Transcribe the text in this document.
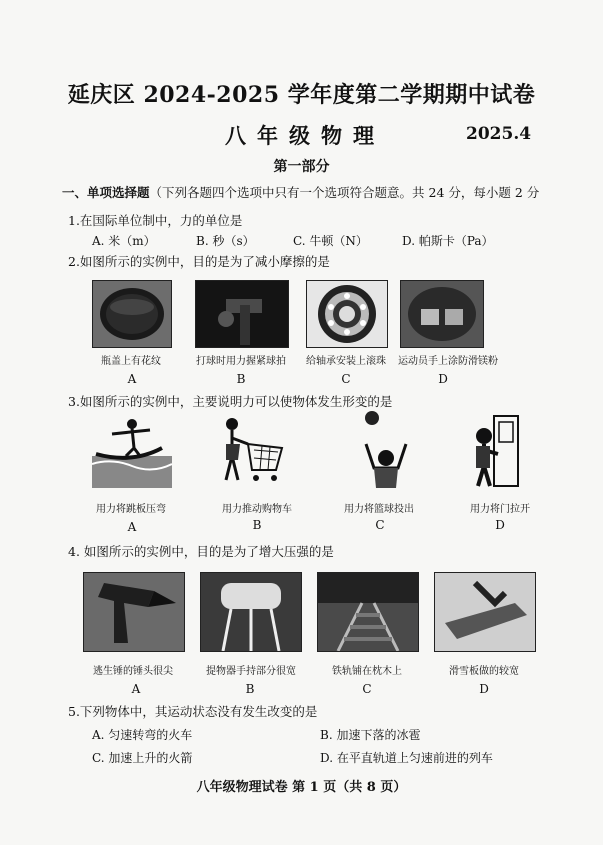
延庆区 2024-2025 学年度第二学期期中试卷
八年级物理	2025.4
第一部分
一、单项选择题（下列各题四个选项中只有一个选项符合题意。共 24 分，每小题 2 分
1.在国际单位制中，力的单位是
A. 米（m）	B. 秒（s）	C. 牛顿（N）	D. 帕斯卡（Pa）
2.如图所示的实例中，目的是为了减小摩擦的是
瓶盖上有花纹	打球时用力握紧球拍	给轴承安装上滚珠	运动员手上涂防滑镁粉
A	B	C	D
3.如图所示的实例中，主要说明力可以使物体发生形变的是
用力将跳板压弯	用力推动购物车	用力将篮球投出	用力将门拉开
A	B	C	D
4. 如图所示的实例中，目的是为了增大压强的是
逃生锤的锤头很尖	提物器手持部分很宽	铁轨铺在枕木上	滑雪板做的较宽
A	B	C	D
5.下列物体中，其运动状态没有发生改变的是
A. 匀速转弯的火车	B. 加速下落的冰雹
C. 加速上升的火箭	D. 在平直轨道上匀速前进的列车
八年级物理试卷 第 1 页（共 8 页）
